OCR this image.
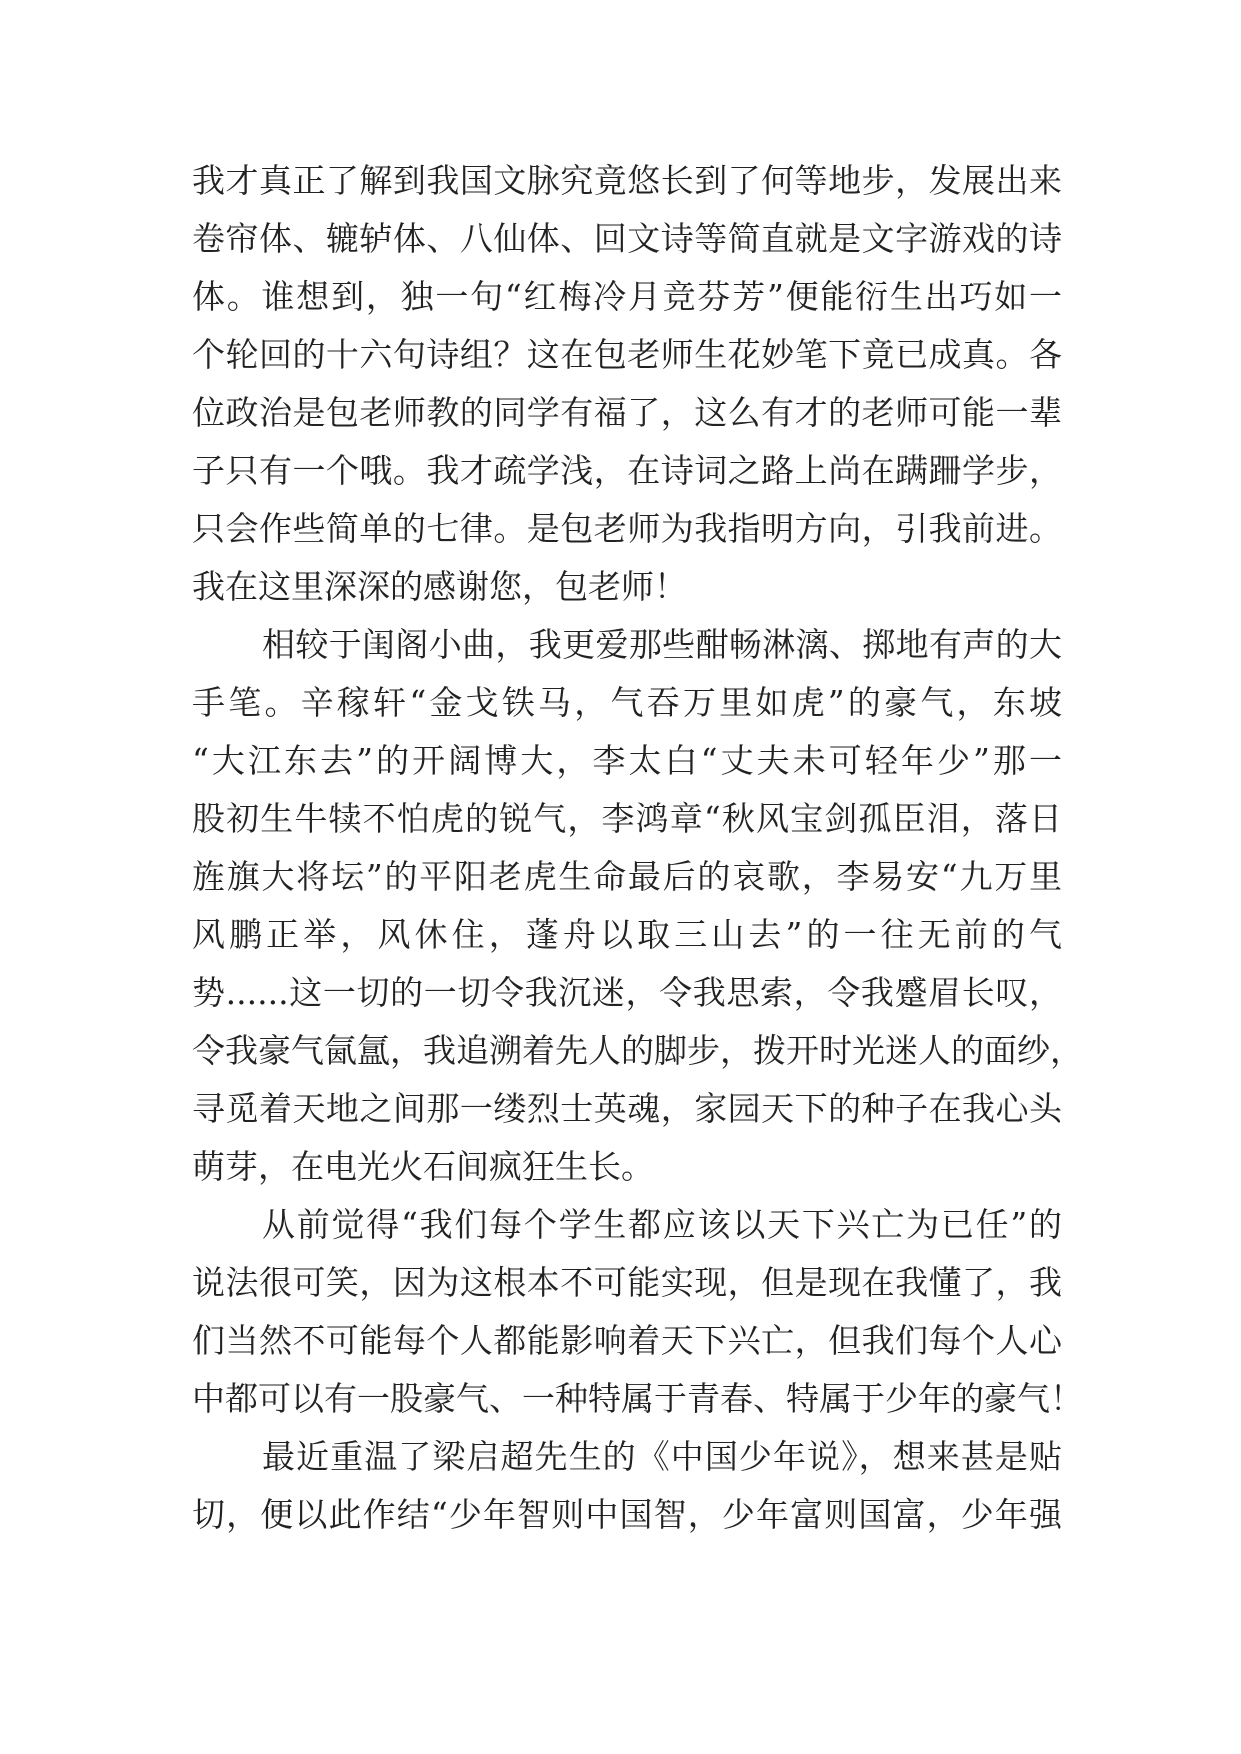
我才真正了解到我国文脉究竟悠长到了何等地步，发展出来
卷帘体、辘轳体、八仙体、回文诗等简直就是文字游戏的诗
体。谁想到，独一句“红梅冷月竞芬芳”便能衍生出巧如一
个轮回的十六句诗组？这在包老师生花妙笔下竟已成真。各
位政治是包老师教的同学有福了，这么有才的老师可能一辈
子只有一个哦。我才疏学浅，在诗词之路上尚在蹒跚学步，
只会作些简单的七律。是包老师为我指明方向，引我前进。
我在这里深深的感谢您，包老师！
相较于闺阁小曲，我更爱那些酣畅淋漓、掷地有声的大
手笔。辛稼轩“金戈铁马，气吞万里如虎”的豪气，东坡
“大江东去”的开阔博大，李太白“丈夫未可轻年少”那一
股初生牛犊不怕虎的锐气，李鸿章“秋风宝剑孤臣泪，落日
旌旗大将坛”的平阳老虎生命最后的哀歌，李易安“九万里
风鹏正举，风休住，蓬舟以取三山去”的一往无前的气
势......这一切的一切令我沉迷，令我思索，令我蹙眉长叹，
令我豪气氤氲，我追溯着先人的脚步，拨开时光迷人的面纱，
寻觅着天地之间那一缕烈士英魂，家园天下的种子在我心头
萌芽，在电光火石间疯狂生长。
从前觉得“我们每个学生都应该以天下兴亡为已任”的
说法很可笑，因为这根本不可能实现，但是现在我懂了，我
们当然不可能每个人都能影响着天下兴亡，但我们每个人心
中都可以有一股豪气、一种特属于青春、特属于少年的豪气！
最近重温了梁启超先生的《中国少年说》，想来甚是贴
切，便以此作结“少年智则中国智，少年富则国富，少年强
